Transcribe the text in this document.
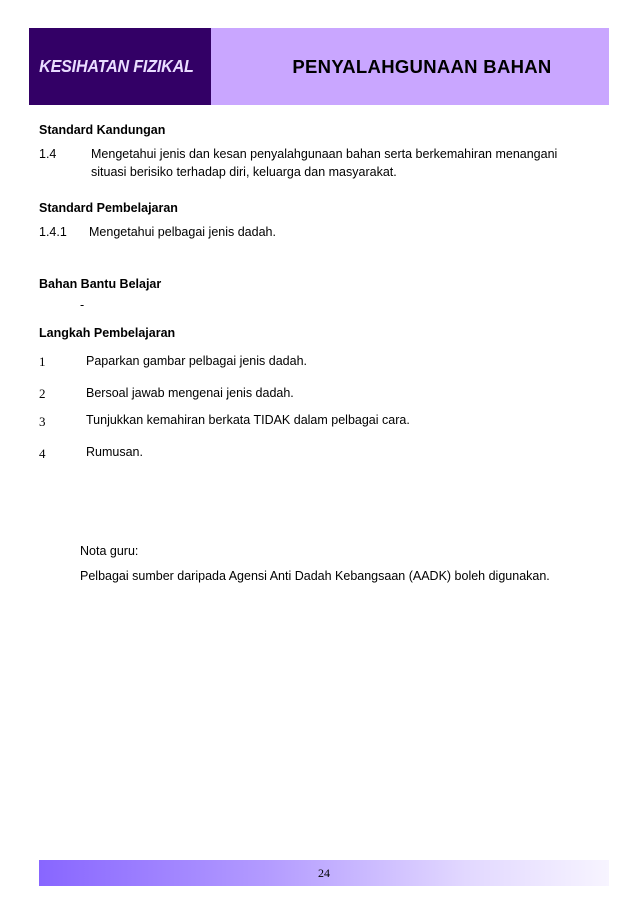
KESIHATAN FIZIKAL	PENYALAHGUNAAN BAHAN
Standard Kandungan
1.4	Mengetahui jenis dan kesan penyalahgunaan bahan serta berkemahiran menangani
situasi berisiko terhadap diri, keluarga dan masyarakat.
Standard Pembelajaran
1.4.1 Mengetahui pelbagai jenis dadah.
Bahan Bantu Belajar
-
Langkah Pembelajaran
1	Paparkan gambar pelbagai jenis dadah.
2	Bersoal jawab mengenai jenis dadah.
3	Tunjukkan kemahiran berkata TIDAK dalam pelbagai cara.
4	Rumusan.
Nota guru:
Pelbagai sumber daripada Agensi Anti Dadah Kebangsaan (AADK) boleh digunakan.
24
